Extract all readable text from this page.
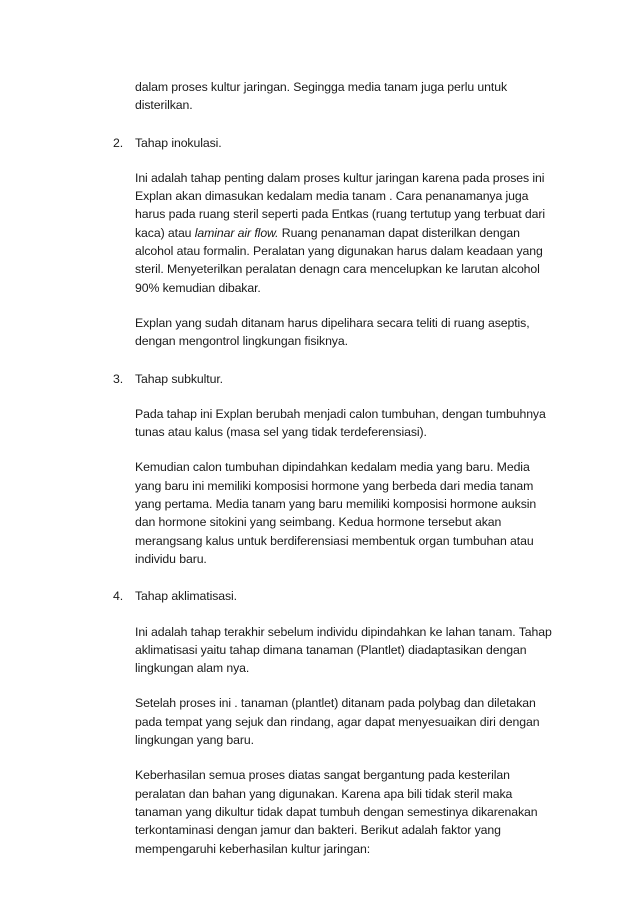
dalam proses kultur jaringan. Segingga media tanam juga perlu untuk disterilkan.

2. Tahap inokulasi.

Ini adalah tahap penting dalam proses kultur jaringan karena pada proses ini Explan akan dimasukan kedalam media tanam . Cara penanamanya juga harus pada ruang steril seperti pada Entkas (ruang tertutup yang terbuat dari kaca) atau laminar air flow. Ruang penanaman dapat disterilkan dengan alcohol atau formalin. Peralatan yang digunakan harus dalam keadaan yang steril. Menyeterilkan peralatan denagn cara mencelupkan ke larutan alcohol 90% kemudian dibakar.

Explan yang sudah ditanam harus dipelihara secara teliti di ruang aseptis, dengan mengontrol lingkungan fisiknya.

3. Tahap subkultur.

Pada tahap ini Explan berubah menjadi calon tumbuhan, dengan tumbuhnya tunas atau kalus (masa sel yang tidak terdeferensiasi).

Kemudian calon tumbuhan dipindahkan kedalam media yang baru. Media yang baru ini memiliki komposisi hormone yang berbeda dari media tanam yang pertama. Media tanam yang baru memiliki komposisi hormone auksin dan hormone sitokini yang seimbang. Kedua hormone tersebut akan merangsang kalus untuk berdiferensiasi membentuk organ tumbuhan atau individu baru.

4. Tahap aklimatisasi.

Ini adalah tahap terakhir sebelum individu dipindahkan ke lahan tanam. Tahap aklimatisasi yaitu tahap dimana tanaman (Plantlet) diadaptasikan dengan lingkungan alam nya.

Setelah proses ini . tanaman (plantlet) ditanam pada polybag dan diletakan pada tempat yang sejuk dan rindang, agar dapat menyesuaikan diri dengan lingkungan yang baru.

Keberhasilan semua proses diatas sangat bergantung pada kesterilan peralatan dan bahan yang digunakan. Karena apa bili tidak steril maka tanaman yang dikultur tidak dapat tumbuh dengan semestinya dikarenakan terkontaminasi dengan jamur dan bakteri. Berikut adalah faktor yang mempengaruhi keberhasilan kultur jaringan:
